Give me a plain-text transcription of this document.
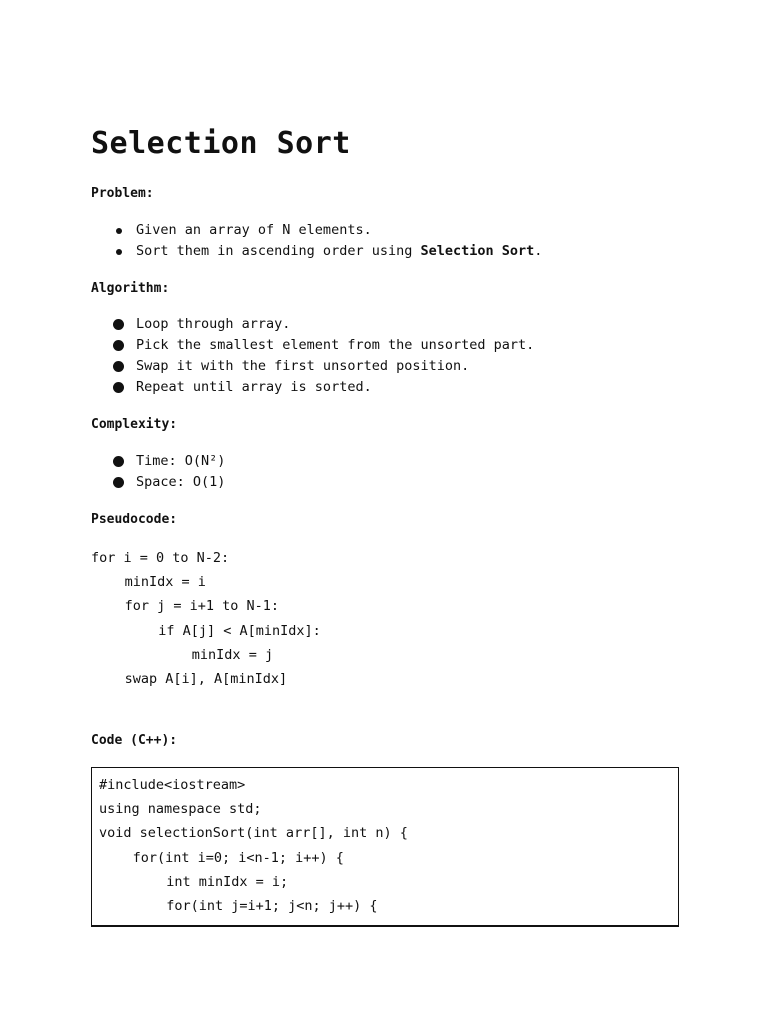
Selection Sort
Problem:
Given an array of N elements.
Sort them in ascending order using Selection Sort.
Algorithm:
Loop through array.
Pick the smallest element from the unsorted part.
Swap it with the first unsorted position.
Repeat until array is sorted.
Complexity:
Time: O(N²)
Space: O(1)
Pseudocode:
for i = 0 to N-2:
minIdx = i
for j = i+1 to N-1:
if A[j] < A[minIdx]:
minIdx = j
swap A[i], A[minIdx]
Code (C++):
#include<iostream>
using namespace std;
void selectionSort(int arr[], int n) {
for(int i=0; i<n-1; i++) {
int minIdx = i;
for(int j=i+1; j<n; j++) {
